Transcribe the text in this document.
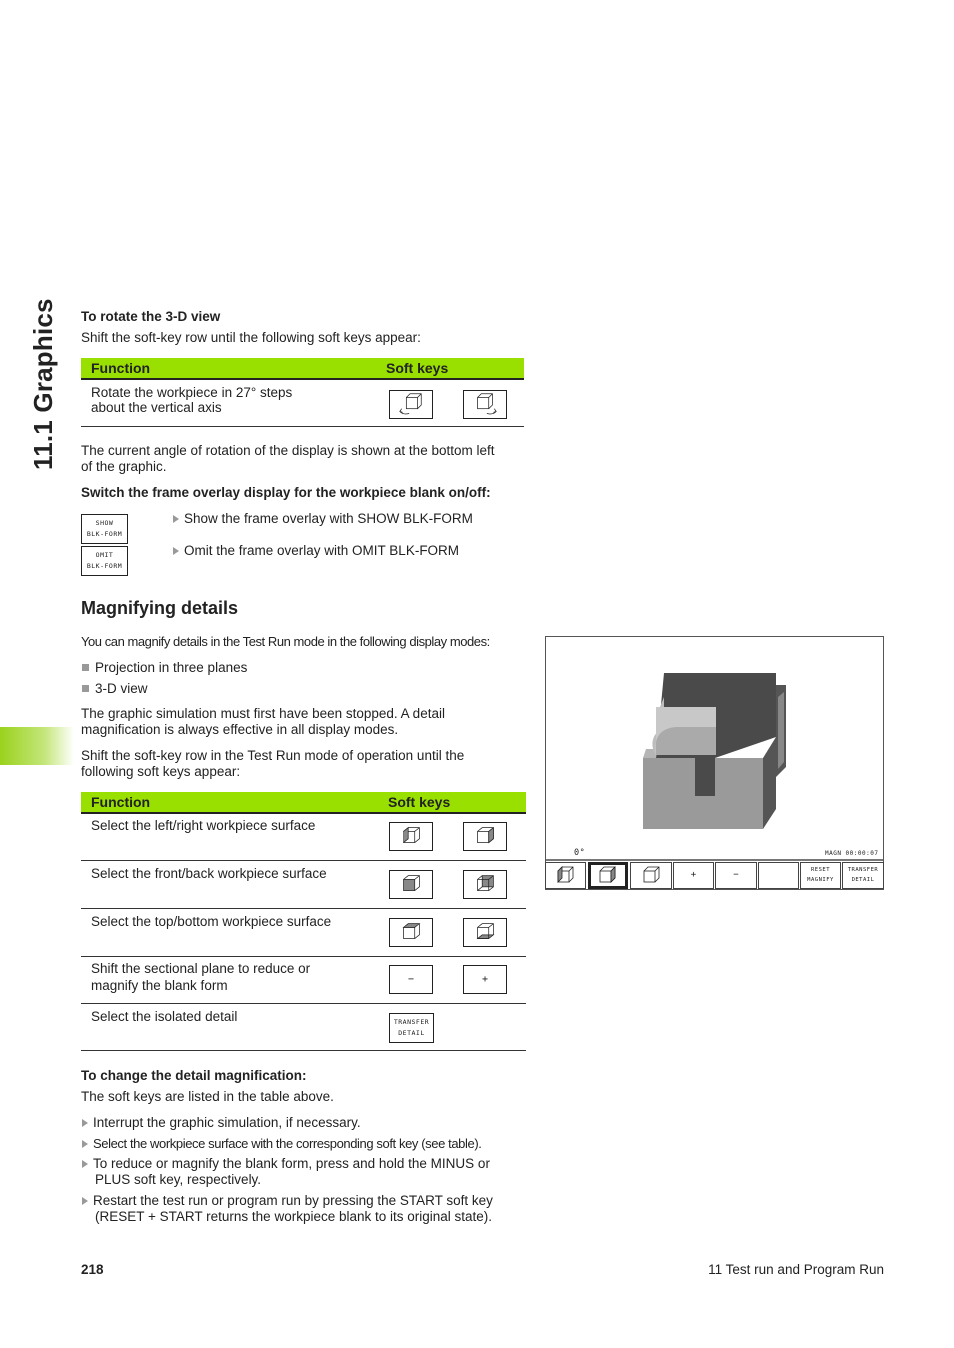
11.1 Graphics To rotate the 3-D view
Shift the soft-key row until the following soft keys appear:
Function	Soft keys
Rotate the workpiece in 27° steps
about the vertical axis
The current angle of rotation of the display is shown at the bottom left
of the graphic.
Switch the frame overlay display for the workpiece blank on/off:
SHOW
BLK-FORM
OMIT
BLK-FORM
Show the frame overlay with SHOW BLK-FORM
Omit the frame overlay with OMIT BLK-FORM
Magnifying details
You can magnify details in the Test Run mode in the following display modes:
Projection in three planes
3-D view
The graphic simulation must first have been stopped. A detail
magnification is always effective in all display modes.
Shift the soft-key row in the Test Run mode of operation until the
following soft keys appear:
Function	Soft keys
Select the left/right workpiece surface
Select the front/back workpiece surface
Select the top/bottom workpiece surface
Shift the sectional plane to reduce or
magnify the blank form	−	+
Select the isolated detail	TRANSFER
DETAIL
To change the detail magnification:
The soft keys are listed in the table above.
Interrupt the graphic simulation, if necessary.
Select the workpiece surface with the corresponding soft key (see table).
To reduce or magnify the blank form, press and hold the MINUS or
PLUS soft key, respectively.
Restart the test run or program run by pressing the START soft key
(RESET + START returns the workpiece blank to its original state).
0°	MAGN 00:00:07
+	−	RESET
MAGNIFY
TRANSFER
DETAIL
218	11 Test run and Program Run
